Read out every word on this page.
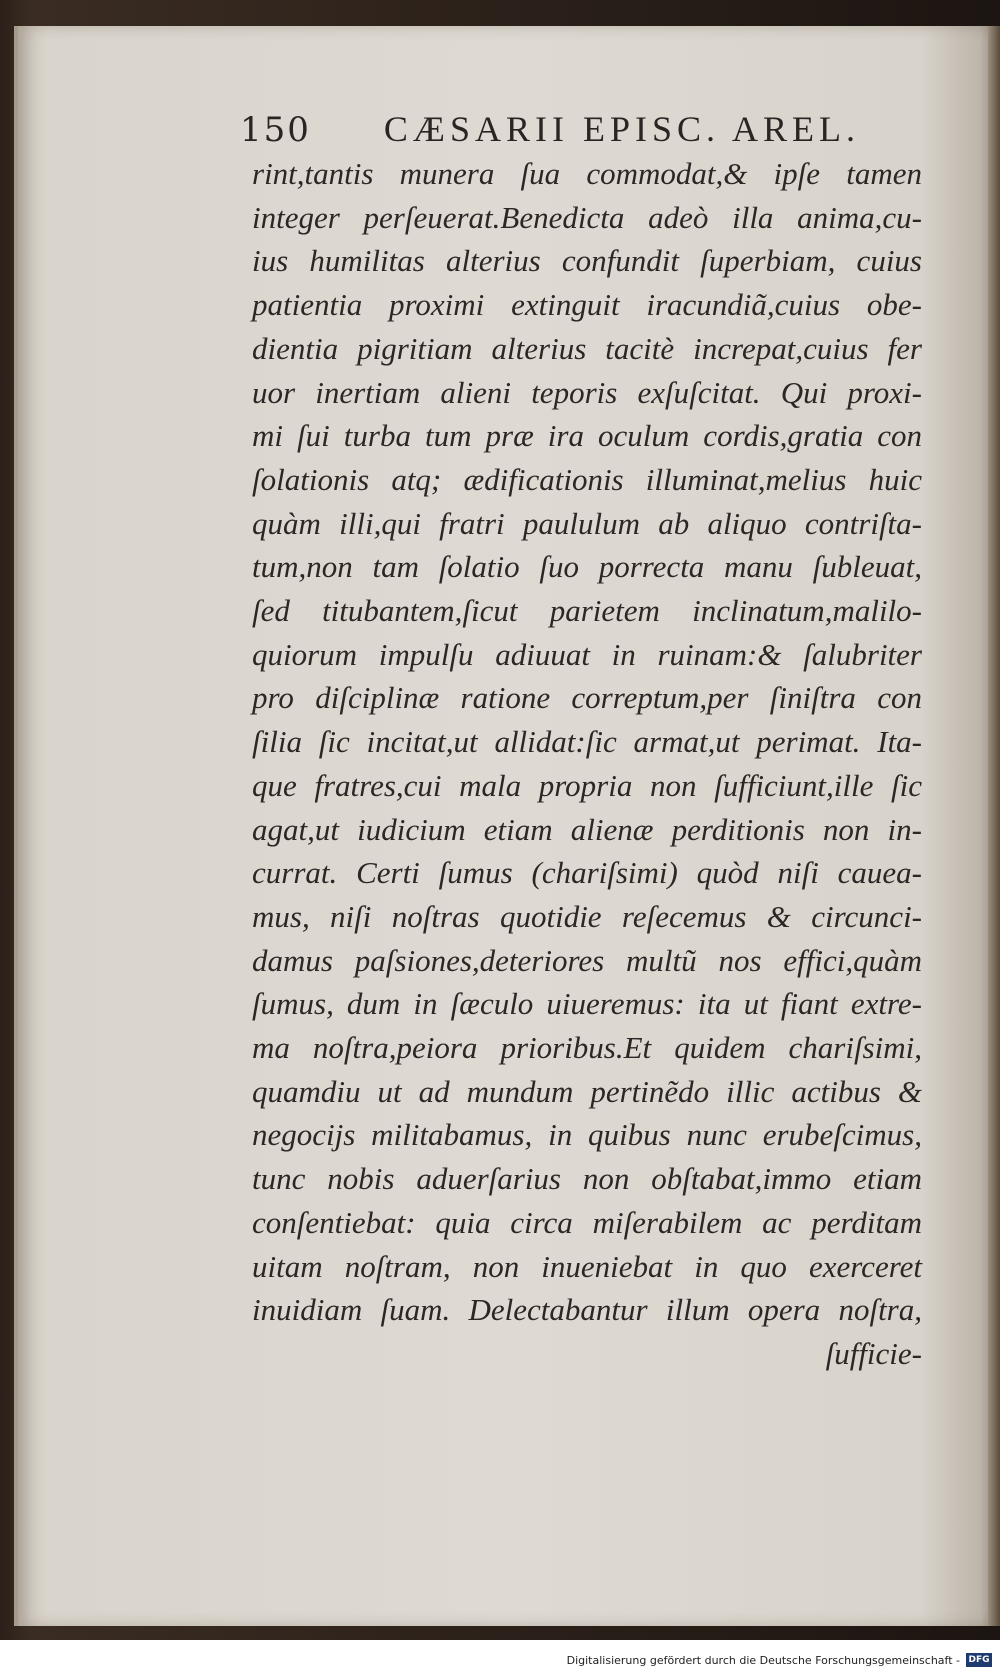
150 CÆSARII EPISC. AREL.
rint,tantis munera ſua commodat,& ipſe tamen
integer perſeuerat.Benedicta adeò illa anima,cu-
ius humilitas alterius confundit ſuperbiam, cuius
patientia proximi extinguit iracundiã,cuius obe-
dientia pigritiam alterius tacitè increpat,cuius fer
uor inertiam alieni teporis exſuſcitat. Qui proxi-
mi ſui turba tum præ ira oculum cordis,gratia con
ſolationis atq; ædificationis illuminat,melius huic
quàm illi,qui fratri paululum ab aliquo contriſta-
tum,non tam ſolatio ſuo porrecta manu ſubleuat,
ſed titubantem,ſicut parietem inclinatum,malilo-
quiorum impulſu adiuuat in ruinam:& ſalubriter
pro diſciplinæ ratione correptum,per ſiniſtra con
ſilia ſic incitat,ut allidat:ſic armat,ut perimat. Ita-
que fratres,cui mala propria non ſufficiunt,ille ſic
agat,ut iudicium etiam alienæ perditionis non in-
currat. Certi ſumus (chariſsimi) quòd niſi cauea-
mus, niſi noſtras quotidie reſecemus & circunci-
damus paſsiones,deteriores multũ nos effici,quàm
ſumus, dum in ſæculo uiueremus: ita ut fiant extre-
ma noſtra,peiora prioribus.Et quidem chariſsimi,
quamdiu ut ad mundum pertinẽdo illic actibus &
negocijs militabamus, in quibus nunc erubeſcimus,
tunc nobis aduerſarius non obſtabat,immo etiam
conſentiebat: quia circa miſerabilem ac perditam
uitam noſtram, non inueniebat in quo exerceret
inuidiam ſuam. Delectabantur illum opera noſtra,
ſufficie-
Digitalisierung gefördert durch die Deutsche Forschungsgemeinschaft - DFG
